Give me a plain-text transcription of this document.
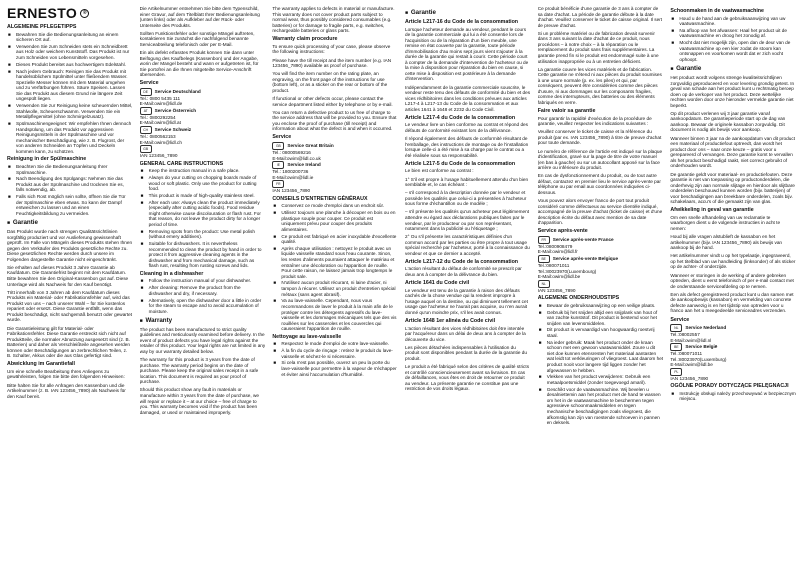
ERNESTO ®
ALGEMEINE PFLEGETIPPS
■ Bewahren Sie die Bedienungsanleitung an einem sicheren Ort auf.
■ Verwenden Sie zum Schneiden stets ein Schneidbrett aus Holz oder weichem Kunststoff. Das Produkt ist nur zum Schneiden von Lebensmitteln vorgesehen.
■ Dieses Produkt bereitet aus hochwertigem Edelstahl.
■ Nach jedem Gebrauch: Reinigen Sie das Produkt mit handelsüblichem Spülmittel unter fließendem Wasser. Spezielle Messer können mit dem Material umgehen und zu Verfärbungen führen. Säure Speisen. Lassen Sie das Produkt aus diesem Grund nie längere Zeit ungespült liegen.
■ Verwenden Sie zur Reinigung keine scheuernden Mittel, Stahlwolle, Scheuerschwamm. Verwenden Sie ein Metallpflegemittel (ohne Schmirgelzusatz).
■ Spülmaschinengeeignet: Wir empfehlen Ihnen dennoch Handspülung, um das Produkt vor aggressiven Reinigungsmitteln in der Spülmaschine und vor mechanischer Beschädigung, wie z. B. Flugrost, der von anderen Schneiden an Töpfen und Deckeln kommen kann, zu schützen.
Reinigung in der Spülmaschine
■ Beachten Sie die Bedienungsanleitung Ihrer Spülmaschine.
■ Nach Beendigung des Spülgangs: Nehmen Sie das Produkt aus der Spülmaschine und trocknen Sie es, falls notwendig, ab.
■ Falls sich Rost möglich sein sollte, öffnen Sie die Tür der Spülmaschine eben etwas. So kann der Dampf entweichen zu lassen und an einen Feuchtigkeitsbildung zu vermeiden.
■  Garantie

Das Produkt wurde nach strengen Qualitätsrichtlinien sorgfältig produziert und vor Auslieferung gewissenhaft geprüft. Im Falle von Mängeln dieses Produkts stehen Ihnen gegen den Verkäufer des Produkts gesetzliche Rechte zu. Diese gesetzlichen Rechte werden durch unsere im Folgenden dargestellte Garantie nicht eingeschränkt.

Sie erhalten auf dieses Produkt 3 Jahre Garantie ab Kaufdatum. Die Garantiefrist beginnt mit dem Kaufdatum. Bitte bewahren Sie den Original-Kassenbon gut auf. Diese Unterlage wird als Nachweis für den Kauf benötigt.

Tritt innerhalb von 3 Jahren ab dem Kaufdatum dieses Produkts ein Material- oder Fabrikationsfehler auf, wird das Produkt von uns – nach unserer Wahl – für Sie kostenlos repariert oder ersetzt. Diese Garantie entfällt, wenn das Produkt beschädigt, nicht sachgemäß benutzt oder gewartet wurde.

Die Garantieleistung gilt für Material- oder Fabrikationsfehler. Diese Garantie erstreckt sich nicht auf Produktteile, die normaler Abnutzung ausgesetzt sind (z. B. Batterien) und daher als Verschleißteile angesehen werden können oder Beschädigungen an zerbrechlichen Teilen, z. B. Schalter, Akkus oder die aus Glas gefertigt sind.

Abwicklung im Garantiefall

Um eine schnelle Bearbeitung Ihres Anliegens zu gewährleisten, folgen Sie bitte den folgenden Hinweisen:

Bitte halten Sie für alle Anfragen den Kassenbon und die Artikelnummer (z. B. IAN 123456_7890) als Nachweis für den Kauf bereit.

Die Artikelnummer entnehmen Sie bitte dem Typenschild, einer Gravur, auf dem Titelblatt Ihrer Bedienungsanleitung (unten links) oder als Aufkleber auf der Rück- oder Unterseite des Produkts.

Sollten Funktionsfehler oder sonstige Mängel auftreten, kontaktieren Sie zunächst die nachfolgend benannte Serviceabteilung telefonisch oder per E-Mail.

Ein als defekt erfasstes Produkt können Sie dann unter Beifügung des Kaufbelegs (Kassenbon) und der Angabe, worin der Mangel besteht und wann er aufgetreten ist, für Sie portofrei an die Ihnen mitgeteilte Service-Anschrift übersenden.

Service
DE Service Deutschland
Tel.: 0800 5435 111
E-Mail:owim@lidl.de
AT Service Österreich
Tel.: 0800292254
E-Mail:owim@lidl.at
CH Service Schweiz
Tel.: 0800562153
E-Mail:owim@lidl.ch
GB
IAN 123456_7890
GENERAL CARE INSTRUCTIONS
■ Keep the instruction manual in a safe place.
■ Always do your cutting on chopping boards made of wood or soft plastic. Only use the product for cutting food.
■ This product is made of high-quality stainless steel.
■ After each use: Always clean the product immediately (especially after cutting acidic foods). Food residue might otherwise cause discolouration or flash rust. For that reason, do not leave the product dirty for a longer period of time.
■ Removing spots from the product: Use metal polish (without emery additives).
■ Suitable for dishwashers. It is nevertheless recommended to clean the product by hand in order to protect it from aggressive cleaning agents in the dishwasher and from mechanical damage, such as flash rust, resulting from rusting screws and lids.
Cleaning in a dishwasher
■ Follow the instruction manual of your dishwasher.
■ After cleaning: Remove the product from the dishwasher and dry, if necessary.
■ Alternatively, open the dishwasher door a little in order for the steam to escape and to avoid accumulation of moisture.
■  Warranty

The product has been manufactured to strict quality guidelines and meticulously examined before delivery. In the event of product defects you have legal rights against the retailer of this product. Your legal rights are not limited in any way by our warranty detailed below.

The warranty for this product is 3 years from the date of purchase. The warranty period begins on the date of purchase. Please keep the original sales receipt in a safe location. This document is required as your proof of purchase.

Should this product show any fault in materials or manufacture within 3 years from the date of purchase, we will repair or replace it – at our choice – free of charge to you. This warranty becomes void if the product has been damaged, or used or maintained improperly.

The warranty applies to defects in material or manufacture. This warranty does not cover product parts subject to normal wear, thus possibly considered consumables (e.g. batteries) or for damage to fragile parts, e.g. switches, rechargeable batteries or glass parts.

Warranty claim procedure

To ensure quick processing of your case, please observe the following instructions:

Please have the till receipt and the item number (e.g. IAN 123456_7890) available as proof of purchase.

You will find the item number on the rating plate, an engraving, on the front page of the instructions for use (bottom left), or as a sticker on the rear or bottom of the product.

If functional or other defects occur, please contact the service department listed either by telephone or by e-mail.

You can return a defective product to us free of charge to the service address that will be provided to you. Ensure that you enclose the proof of purchase (till receipt) and information about what the defect is and when it occurred.

Service
GB Service Great Britain
Tel.: 08000569216
E-Mail:owim@lidl.co.uk
IE Service Ireland
Tel.: 1800200736
E-Mail:owim@lidl.ie
FR
IAN 123456_7890
CONSEILS D'ENTRETIEN GÉNÉRAUX
■ Conservez ce mode d'emploi dans un endroit sûr.
■ Utilisez toujours une planche à découper en bois ou en plastique souple pour couper. Ce produit est uniquement prévu pour couper des produits alimentaires.
■ Ce produit est fabriqué en acier inoxydable d'excellente qualité.
■ Après chaque utilisation : nettoyez le produit avec un liquide vaisselle standard sous l'eau courante. Sinon, les restes d'aliments pourraient attaquer le matériau et entraîner une décoloration ou l'apparition de rouille. Pour cette raison, ne laissez jamais trop longtemps le produit sale.
■ N'utilisez aucun produit récurant, ni laine d'acier, ni tampon à récurer. Utilisez un produit d'entretien spécial métaux (sans agent abrasif).
■ Va au lave-vaisselle. Cependant, nous vous recommandons de laver le produit à la main afin de le protéger contre les détergents agressifs du lave-vaisselle et les dommages mécaniques tels que des vis rouillées sur les casseroles et les couvercles qui causeraient l'apparition de rouille.
Nettoyage au lave-vaisselle
■ Respectez le mode d'emploi de votre lave-vaisselle.
■ À la fin du cycle de rinçage : retirez le produit du lave-vaisselle et séchez-le si nécessaire.
■ Si cela n'est pas possible, ouvrez un peu la porte du lave-vaisselle pour permettre à la vapeur de s'échapper et éviter ainsi l'accumulation d'humidité.
■  Garantie
Article L217-16 du Code de la consommation

Lorsque l'acheteur demande au vendeur, pendant le cours de la garantie commerciale qui lui a été consentie lors de l'acquisition ou de la réparation d'un bien meuble, une remise en état couverte par la garantie, toute période d'immobilisation d'au moins sept jours vient s'ajouter à la durée de la garantie qui restait à courir. Cette période court à compter de la demande d'intervention de l'acheteur ou de la mise à disposition pour réparation du bien en cause, si cette mise à disposition est postérieure à la demande d'intervention.

Indépendamment de la garantie commerciale souscrite, le vendeur reste tenu des défauts de conformité du bien et des vices rédhibitoires dans les conditions prévues aux articles L217-4 à L217-13 du Code de la consommation et aux articles 1641 à 1648 et 2232 du Code Civil.

Article L217-4 du Code de la consommation

Le vendeur livre un bien conforme au contrat et répond des défauts de conformité existant lors de la délivrance.

Il répond également des défauts de conformité résultant de l'emballage, des instructions de montage ou de l'installation lorsque celle-ci a été mise à sa charge par le contrat ou a été réalisée sous sa responsabilité.

Article L217-5 du Code de la consommation

Le bien est conforme au contrat :

1° S'il est propre à l'usage habituellement attendu d'un bien semblable et, le cas échéant :

– s'il correspond à la description donnée par le vendeur et possède les qualités que celui-ci a présentées à l'acheteur sous forme d'échantillon ou de modèle ;

– s'il présente les qualités qu'un acheteur peut légitimement attendre eu égard aux déclarations publiques faites par le vendeur, par le producteur ou par son représentant, notamment dans la publicité ou l'étiquetage ;

2° Ou s'il présente les caractéristiques définies d'un commun accord par les parties ou être propre à tout usage spécial recherché par l'acheteur, porté à la connaissance du vendeur et que ce dernier a accepté.

Article L217-12 du Code de la consommation

L'action résultant du défaut de conformité se prescrit par deux ans à compter de la délivrance du bien.

Article 1641 du Code civil

Le vendeur est tenu de la garantie à raison des défauts cachés de la chose vendue qui la rendent impropre à l'usage auquel on la destine, ou qui diminuent tellement cet usage que l'acheteur ne l'aurait pas acquise, ou n'en aurait donné qu'un moindre prix, s'il les avait connus.

Article 1648 1er alinéa du Code civil

L'action résultant des vices rédhibitoires doit être intentée par l'acquéreur dans un délai de deux ans à compter de la découverte du vice.

Les pièces détachées indispensables à l'utilisation du produit sont disponibles pendant la durée de la garantie du produit.

Le produit a été fabriqué selon des critères de qualité stricts et contrôlé consciencieusement avant sa livraison. En cas de défaillances, vous êtes en droit de retourner ce produit au vendeur. La présente garantie ne constitue pas une restriction de vos droits légaux.

Ce produit bénéficie d'une garantie de 3 ans à compter de sa date d'achat. La période de garantie débute à la date d'achat. Veuillez conserver le ticket de caisse original. Il sert de preuve d'achat.

Si un problème matériel ou de fabrication devait survenir dans 3 ans suivant la date d'achat de ce produit, nous procédons – à notre choix – à la réparation ou le remplacement du produit sans frais supplémentaires. La garantie prend fin si le produit est endommagé suite à une utilisation inappropriée ou à un entretien déficient.

La garantie couvre les vices matériels et de fabrication. Cette garantie ne s'étend ni aux pièces du produit soumises à une usure normale (p. ex. les piles) et qui, par conséquent, peuvent être considérées comme des pièces d'usure, ni aux dommages sur les composants fragiles, comme des interrupteurs, des batteries ou des éléments fabriqués en verre.

Faire valoir sa garantie

Pour garantir la rapidité d'exécution de la procédure de garantie, veuillez respecter les indications suivantes :

Veuillez conserver le ticket de caisse et la référence du produit (par ex. IAN 123456_7890) à titre de preuve d'achat pour toute demande.

Le numéro de référence de l'article est indiqué sur la plaque d'identification, gravé sur la page de titre de votre manuel (en bas à gauche) ou sur un autocollant apposé sur la face arrière ou inférieure du produit.

En cas de dysfonctionnement du produit, ou de tout autre défaut, contactez en premier lieu le service après-vente par téléphone ou par email aux coordonnées indiquées ci-dessous.

Vous pouvez alors envoyer franco de port tout produit considéré comme défectueux au service clientèle indiqué, accompagné de la preuve d'achat (ticket de caisse) et d'une description écrite du défaut avec mention de sa date d'apparition.

Service après-vente
FR Service après-vente France
Tel.:0800908479
E-Mail:owim@lidl.fr
BE Service après-vente Belgique
Tel.:080071011
Tel.:80023970(Luxembourg)
E-Mail:owim@lidl.be
NL
IAN 123456_7890
ALGEMENE ONDERHOUDSTIPS
■ Bewaar de gebruiksaanwijzing op een veilige plaats.
■ Gebruik bij het snijden altijd een snijplank van hout of van zachte kunststof. Dit product is bestemd voor het snijden van levensmiddelen.
■ Dit product is vervaardigd van hoogwaardig roestvrij staal.
■ Na ieder gebruik: Maak het product onder de kraan schoon met een gewoon vaatwasmiddel. Zoure u dit niet doe kunnen etensresten het materiaal aantasten wat leidt tot verkleuringen of vliegroest. Laat daarom het product nooit voor langere tijd liggen zonder het afgewassen te hebben.
■ Vlekken van het product verwijderen: Gebruik een metaalpoetsmiddel (zonder toegevoegd amaril).
■ Geschikt voor de vaatwasmachine. Wij bevelen u desalniettemin aan het product met de hand te wassen om het in de vaatwasmachine te beschermen tegen agressieve schoonmaakmiddelen en tegen mechanische beschadigingen zoals vliegroest, die afkomstig kan zijn van roestende schroeven in pannen en deksels.
Schoonmaken in de vaatwasmachine
■ Houd u de hand aan de gebruiksaanwijzing van uw vaatwasmachine.
■ Na afloop van het afwassen: Haal het product uit de vaatwasmachine en droog het zonodig af.
■ Mocht dat niet mogelijk zijn, open dan de deur van de vaatwasmachine op een kier zodat de stoom kan ontsnappen en voorkomen wordt dat er zich vocht ophoopt.
■  Garantie

Het product wordt volgens strenge kwaliteitsrichtlijnen zorgvuldig geproduceerd en voor levering grondig getest. In geval van schade aan het product kunt u rechtmatig beroep doen op de verkoper van het product. Deze wettelijke rechten worden door onze hieronder vermelde garantie niet beperkt.

Op dit product verlenen wij 3 jaar garantie vanaf aankoopdatum. De garantieperiode start op de dag van aankoop. Bewaar de originele kassabon zorgvuldig. Dit document is nodig als bewijs voor aankoop.

Wanneer binnen 3 jaar na de aankoopdatum van dit product een materiaal of productiefout optreedt, dan wordt het product door ons – naar onze keuze – gratis voor u gerepareerd of vervangen. Deze garantie komt te vervallen als het product beschadigd raakt, niet correct gebruikt of onderhouden wordt.

De garantie geldt voor materiaal- en productiefouten. Deze garantie is niet van toepassing op productonderdelen, die onderhevig zijn aan normale slijtage en hierdoor als slijtbare onderdelen beschouwd kunnen worden (bijv. batterijen) of voor beschadigingen aan breekbare onderdelen, zoals bijv. schakelaars, accu's of die gemaakt zijn van glas.

Afwikkeling in geval van garantie

Om een snelle afhandeling van uw reclamatie te waarborgen dient u de volgende instructies in acht te nemen:

Houd bij alle vragen alstublieft de kassabon en het artikelnummer (bijv. IAN 123456_7890) als bewijs van aankoop bij de hand.

Het artikelnummer vindt u op het typelaatje, ingegraveerd, op het titelblad van uw handleiding (linksonder) of als sticker op de achter- of onderzijde.

Wanneer er storingen in de werking of andere gebreken optreden, dient u eerst telefonisch of per e-mail contact met de onderstaande serviceafdeling op te nemen.

Een als defect geregistreerd product kunt u dan samen met de aankoopbewijs (kassabon) en vermelding van concrete defecte aanwezig is en het tijdstip van optreden voor u franco aan het u meegedeelde serviceadres verzenden.

Service
NL Service Nederland
Tel.:08002557
E-Mail:owim@lidl.nl
BE Service België
Tel.:080071011
Tel.:80023970(Luxemburg)
E-Mail:owim@lidl.be
PL
IAN 123456_7890
OGÓLNE PORADY DOTYCZĄCE PIELĘGNACJI
■ Instrukcję obsługi należy przechowywać w bezpiecznym miejscu.
